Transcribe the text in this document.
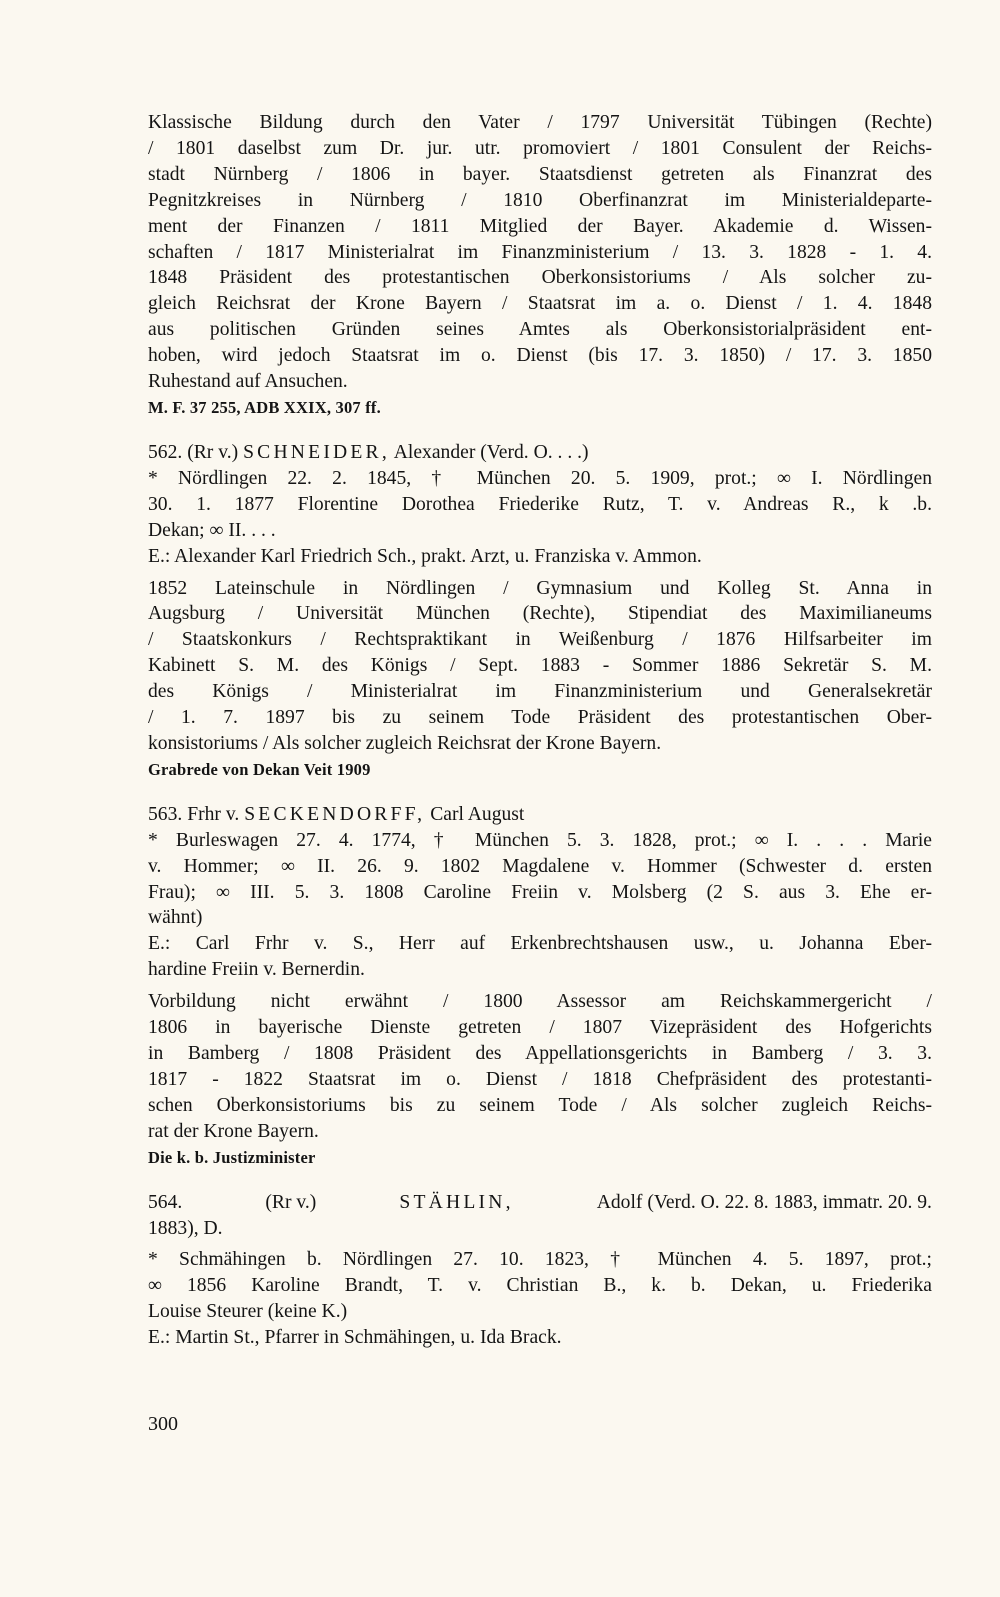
Klassische Bildung durch den Vater / 1797 Universität Tübingen (Rechte)
/ 1801 daselbst zum Dr. jur. utr. promoviert / 1801 Consulent der Reichs-
stadt Nürnberg / 1806 in bayer. Staatsdienst getreten als Finanzrat des
Pegnitzkreises in Nürnberg / 1810 Oberfinanzrat im Ministerialdeparte-
ment der Finanzen / 1811 Mitglied der Bayer. Akademie d. Wissen-
schaften / 1817 Ministerialrat im Finanzministerium / 13. 3. 1828 - 1. 4.
1848 Präsident des protestantischen Oberkonsistoriums / Als solcher zu-
gleich Reichsrat der Krone Bayern / Staatsrat im a. o. Dienst / 1. 4. 1848
aus politischen Gründen seines Amtes als Oberkonsistorialpräsident ent-
hoben, wird jedoch Staatsrat im o. Dienst (bis 17. 3. 1850) / 17. 3. 1850
Ruhestand auf Ansuchen.
M. F. 37 255, ADB XXIX, 307 ff.
562. (Rr v.) SCHNEIDER, Alexander (Verd. O. . . .)
* Nördlingen 22. 2. 1845, † München 20. 5. 1909, prot.; ∞ I. Nördlingen
30. 1. 1877 Florentine Dorothea Friederike Rutz, T. v. Andreas R., k .b.
Dekan; ∞ II. . . .
E.: Alexander Karl Friedrich Sch., prakt. Arzt, u. Franziska v. Ammon.
1852 Lateinschule in Nördlingen / Gymnasium und Kolleg St. Anna in
Augsburg / Universität München (Rechte), Stipendiat des Maximilianeums
/ Staatskonkurs / Rechtspraktikant in Weißenburg / 1876 Hilfsarbeiter im
Kabinett S. M. des Königs / Sept. 1883 - Sommer 1886 Sekretär S. M.
des Königs / Ministerialrat im Finanzministerium und Generalsekretär
/ 1. 7. 1897 bis zu seinem Tode Präsident des protestantischen Ober-
konsistoriums / Als solcher zugleich Reichsrat der Krone Bayern.
Grabrede von Dekan Veit 1909
563. Frhr v. SECKENDORFF, Carl August
* Burleswagen 27. 4. 1774, † München 5. 3. 1828, prot.; ∞ I. . . . Marie
v. Hommer; ∞ II. 26. 9. 1802 Magdalene v. Hommer (Schwester d. ersten
Frau); ∞ III. 5. 3. 1808 Caroline Freiin v. Molsberg (2 S. aus 3. Ehe er-
wähnt)
E.: Carl Frhr v. S., Herr auf Erkenbrechtshausen usw., u. Johanna Eber-
hardine Freiin v. Bernerdin.
Vorbildung nicht erwähnt / 1800 Assessor am Reichskammergericht /
1806 in bayerische Dienste getreten / 1807 Vizepräsident des Hofgerichts
in Bamberg / 1808 Präsident des Appellationsgerichts in Bamberg / 3. 3.
1817 - 1822 Staatsrat im o. Dienst / 1818 Chefpräsident des protestanti-
schen Oberkonsistoriums bis zu seinem Tode / Als solcher zugleich Reichs-
rat der Krone Bayern.
Die k. b. Justizminister
564.	(Rr v.)	STÄHLIN,	Adolf (Verd. O. 22. 8. 1883, immatr. 20. 9.
1883), D.
* Schmähingen b. Nördlingen 27. 10. 1823, † München 4. 5. 1897, prot.;
∞ 1856 Karoline Brandt, T. v. Christian B., k. b. Dekan, u. Friederika
Louise Steurer (keine K.)
E.: Martin St., Pfarrer in Schmähingen, u. Ida Brack.
300
